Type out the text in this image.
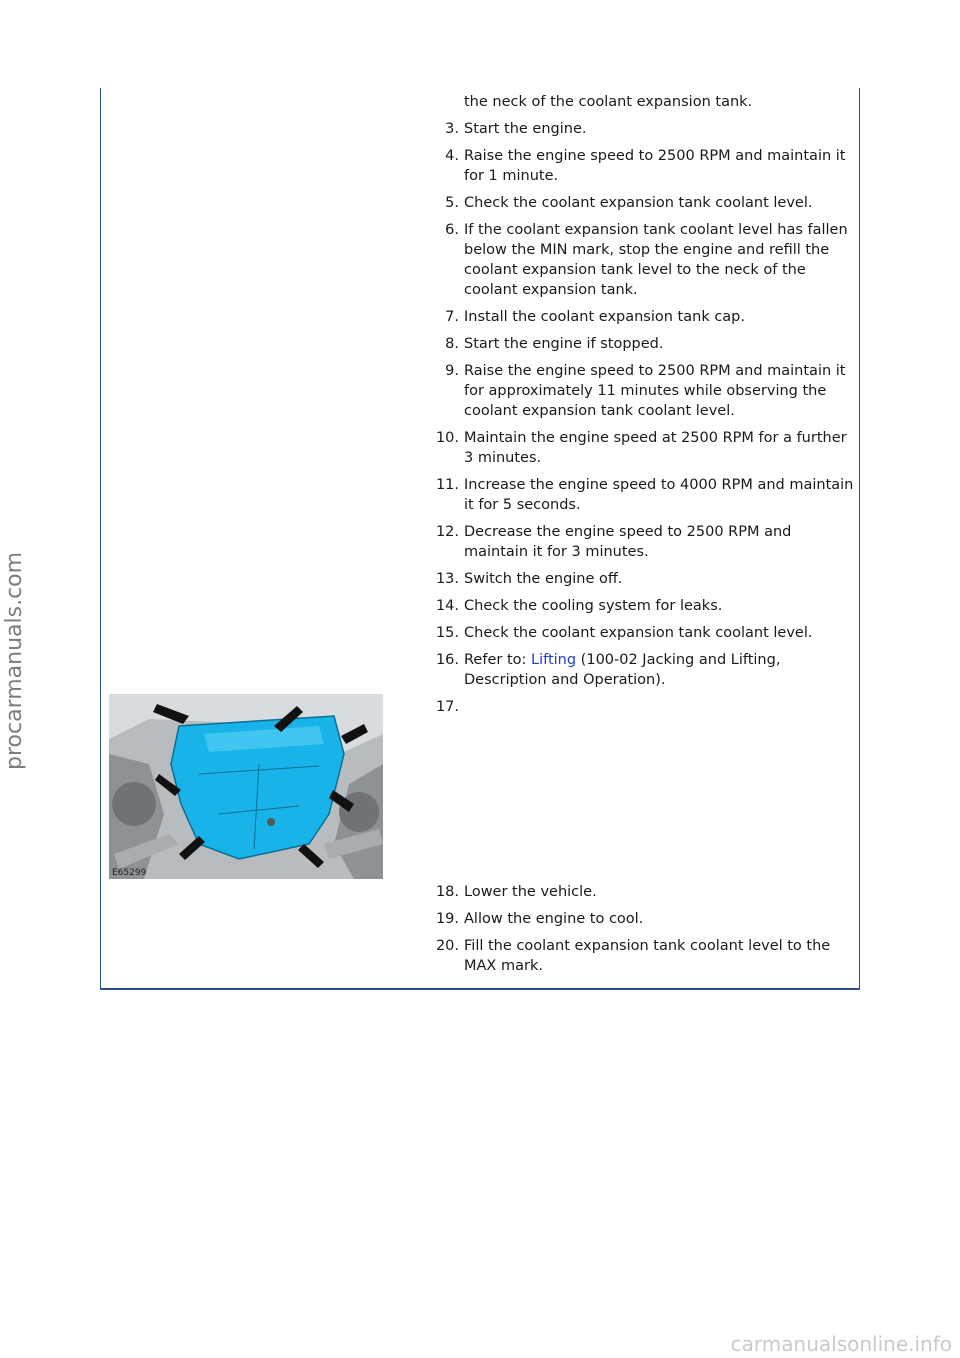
the neck of the coolant expansion tank.
3. Start the engine.
4. Raise the engine speed to 2500 RPM and maintain it for 1 minute.
5. Check the coolant expansion tank coolant level.
6. If the coolant expansion tank coolant level has fallen below the MIN mark, stop the engine and refill the coolant expansion tank level to the neck of the coolant expansion tank.
7. Install the coolant expansion tank cap.
8. Start the engine if stopped.
9. Raise the engine speed to 2500 RPM and maintain it for approximately 11 minutes while observing the coolant expansion tank coolant level.
10. Maintain the engine speed at 2500 RPM for a further 3 minutes.
11. Increase the engine speed to 4000 RPM and maintain it for 5 seconds.
12. Decrease the engine speed to 2500 RPM and maintain it for 3 minutes.
13. Switch the engine off.
14. Check the cooling system for leaks.
15. Check the coolant expansion tank coolant level.
16. Refer to: Lifting (100-02 Jacking and Lifting, Description and Operation).
17.
18. Lower the vehicle.
19. Allow the engine to cool.
20. Fill the coolant expansion tank coolant level to the MAX mark.
E65299
procarmanuals.com
carmanualsonline.info
